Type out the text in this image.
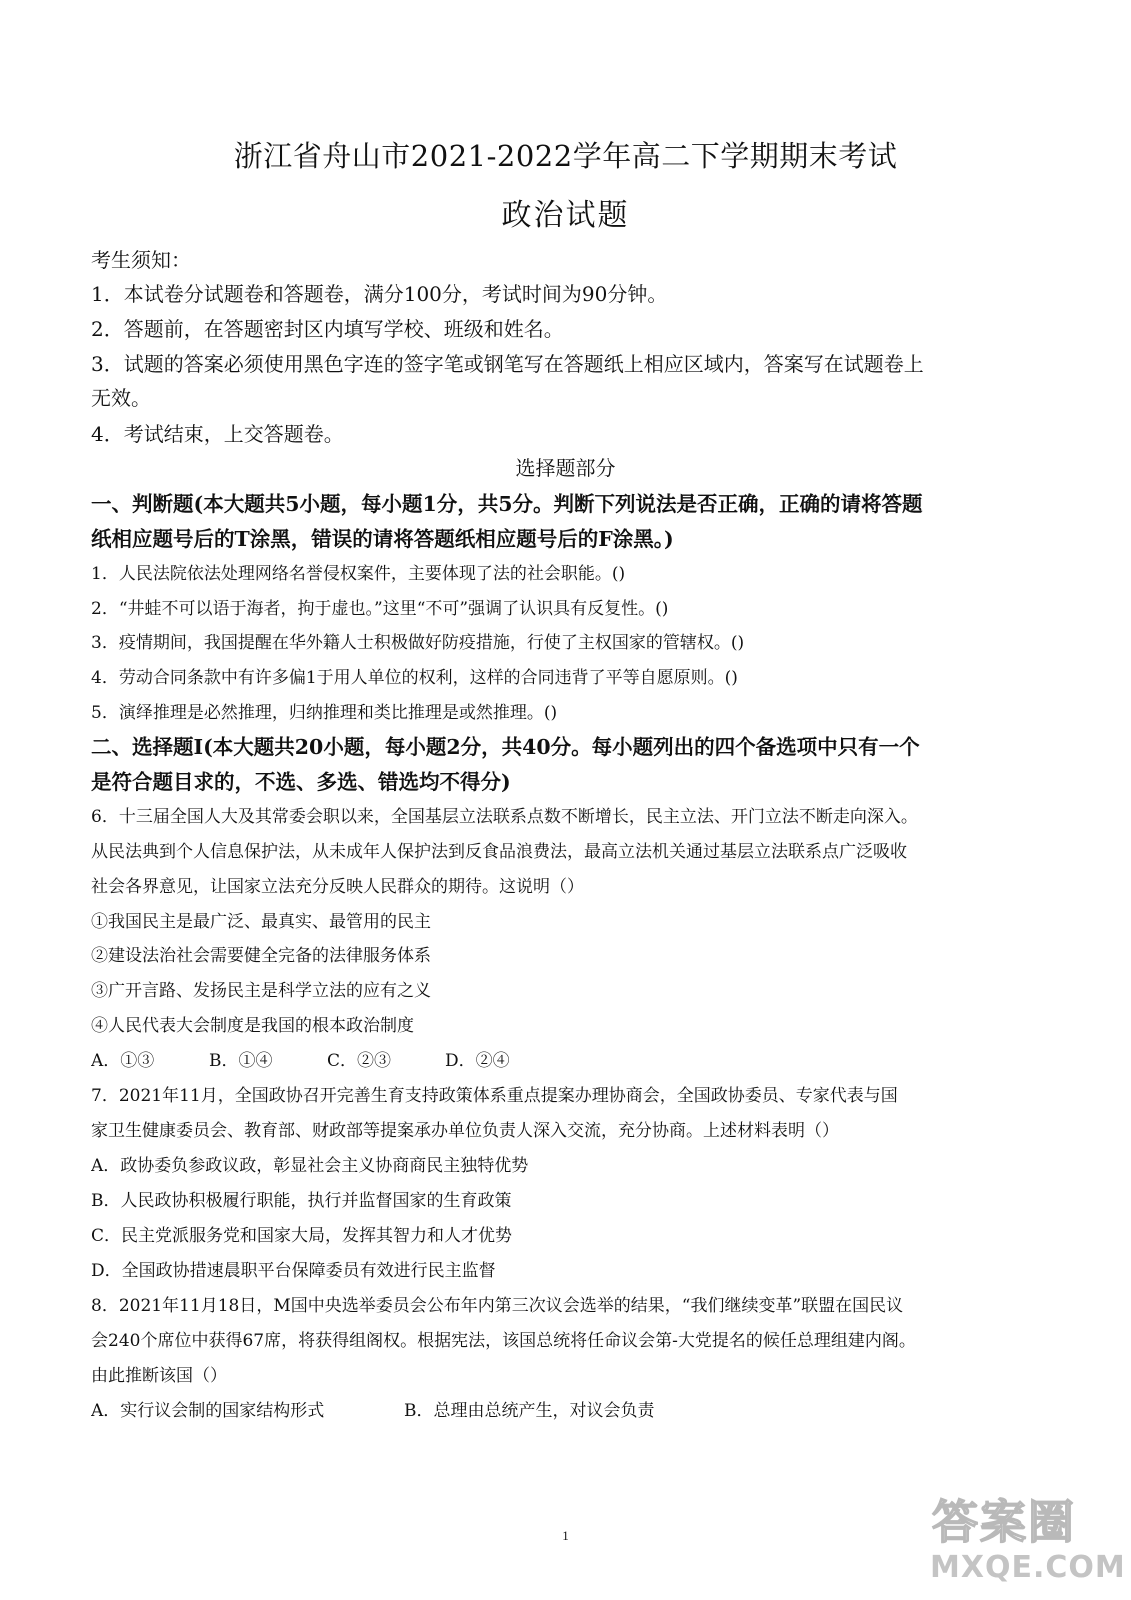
浙江省舟山市2021-2022学年高二下学期期末考试
政治试题
考生须知：
1．本试卷分试题卷和答题卷，满分100分，考试时间为90分钟。
2．答题前，在答题密封区内填写学校、班级和姓名。
3．试题的答案必须使用黑色字连的签字笔或钢笔写在答题纸上相应区域内，答案写在试题卷上
无效。
4．考试结束，上交答题卷。
选择题部分
一、判断题(本大题共5小题，每小题1分，共5分。判断下列说法是否正确，正确的请将答题
纸相应题号后的T涂黑，错误的请将答题纸相应题号后的F涂黑。)
1．人民法院依法处理网络名誉侵权案件，主要体现了法的社会职能。()
2．“井蛙不可以语于海者，拘于虚也。”这里“不可”强调了认识具有反复性。()
3．疫情期间，我国提醒在华外籍人士积极做好防疫措施，行使了主权国家的管辖权。()
4．劳动合同条款中有许多偏1于用人单位的权利，这样的合同违背了平等自愿原则。()
5．演绎推理是必然推理，归纳推理和类比推理是或然推理。()
二、选择题Ⅰ(本大题共20小题，每小题2分，共40分。每小题列出的四个备选项中只有一个
是符合题目求的，不选、多选、错选均不得分)
6．十三届全国人大及其常委会职以来，全国基层立法联系点数不断增长，民主立法、开门立法不断走向深入。
从民法典到个人信息保护法，从未成年人保护法到反食品浪费法，最高立法机关通过基层立法联系点广泛吸收
社会各界意见，让国家立法充分反映人民群众的期待。这说明（）
①我国民主是最广泛、最真实、最管用的民主
②建设法治社会需要健全完备的法律服务体系
③广开言路、发扬民主是科学立法的应有之义
④人民代表大会制度是我国的根本政治制度
A．①③	B．①④	C．②③	D．②④
7．2021年11月，全国政协召开完善生育支持政策体系重点提案办理协商会，全国政协委员、专家代表与国
家卫生健康委员会、教育部、财政部等提案承办单位负责人深入交流，充分协商。上述材料表明（）
A．政协委负参政议政，彰显社会主义协商商民主独特优势
B．人民政协积极履行职能，执行并监督国家的生育政策
C．民主党派服务党和国家大局，发挥其智力和人才优势
D．全国政协措速晨职平台保障委员有效进行民主监督
8．2021年11月18日，M国中央选举委员会公布年内第三次议会选举的结果，“我们继续变革”联盟在国民议
会240个席位中获得67席，将获得组阁权。根据宪法，该国总统将任命议会第-大党提名的候任总理组建内阁。
由此推断该国（）
A．实行议会制的国家结构形式	B．总理由总统产生，对议会负责
1	答案圈
MXQE.COM
